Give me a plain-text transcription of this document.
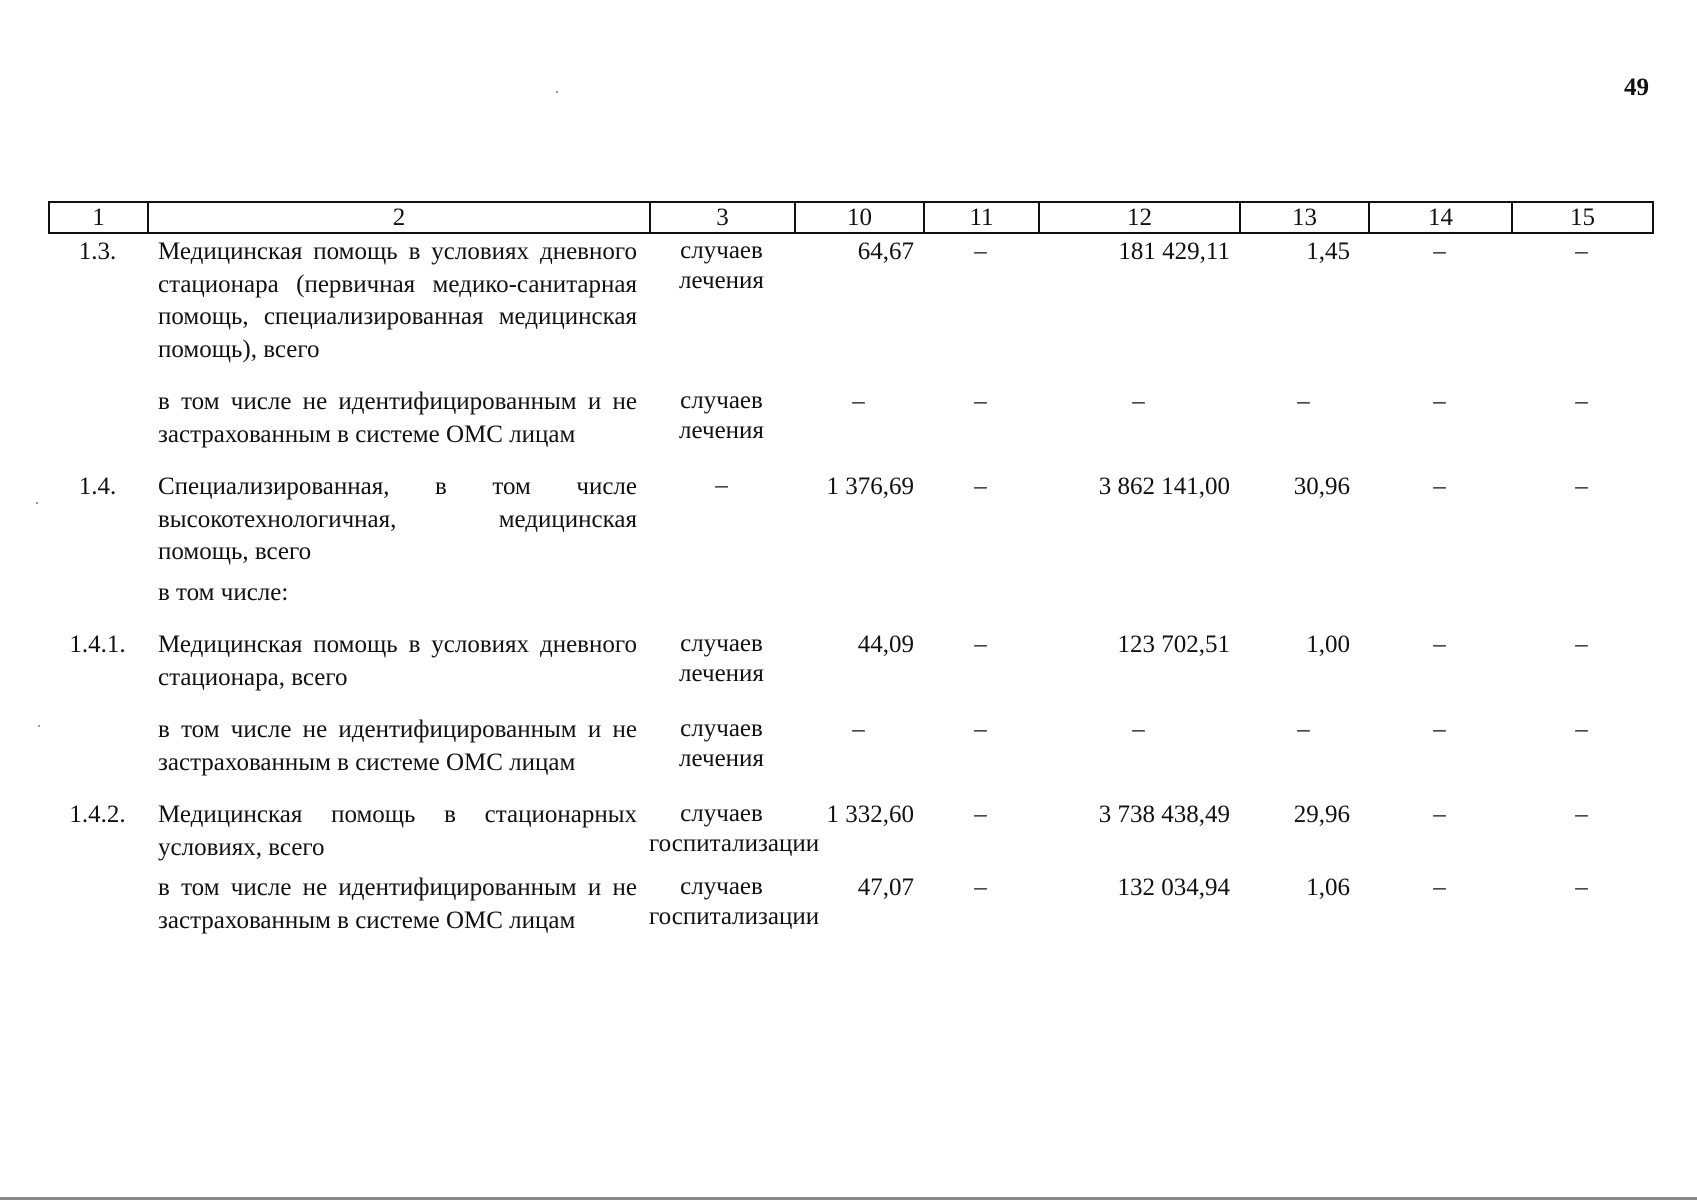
49
1	2	3	10	11	12	13	14	15
1.3.	Медицинская помощь в условиях дневного стационара (первичная медико-санитарная помощь, специализированная медицинская помощь), всего	случаев лечения	64,67	–	181 429,11	1,45	–	–

	в том числе не идентифицированным и не застрахованным в системе ОМС лицам	случаев лечения	–	–	–	–	–	–

1.4.	Специализированная, в том числе высокотехнологичная, медицинская помощь, всего	–	1 376,69	–	3 862 141,00	30,96	–	–

	в том числе:							

1.4.1.	Медицинская помощь в условиях дневного стационара, всего	случаев лечения	44,09	–	123 702,51	1,00	–	–

	в том числе не идентифицированным и не застрахованным в системе ОМС лицам	случаев лечения	–	–	–	–	–	–

1.4.2.	Медицинская помощь в стационарных условиях, всего	случаев госпитализации	1 332,60	–	3 738 438,49	29,96	–	–

	в том числе не идентифицированным и не застрахованным в системе ОМС лицам	случаев госпитализации	47,07	–	132 034,94	1,06	–	–
